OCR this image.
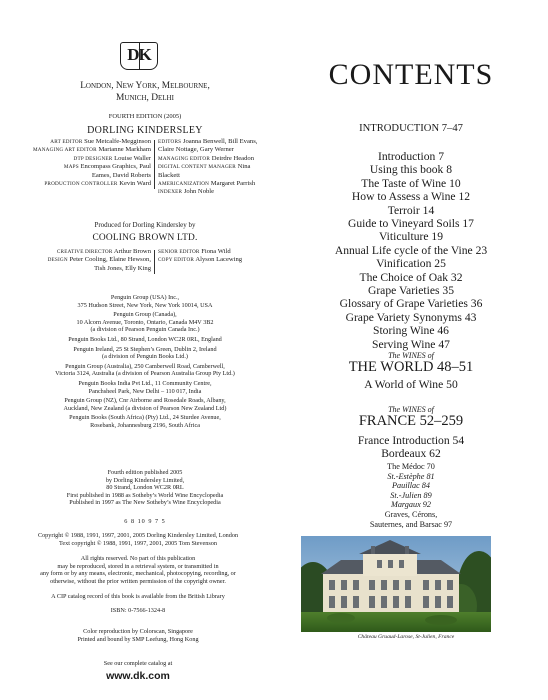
DK
London, New York, Melbourne,
Munich, Delhi
FOURTH EDITION (2005)
DORLING KINDERSLEY
ART EDITOR Sue Metcalfe-Megginson
MANAGING ART EDITOR Marianne Markham
DTP DESIGNER Louise Waller
MAPS Encompass Graphics, Paul
Eames, David Roberts
PRODUCTION CONTROLLER Kevin Ward
EDITORS Joanna Benwell, Bill Evans,
Claire Nottage, Gary Werner
MANAGING EDITOR Deirdre Headon
DIGITAL CONTENT MANAGER Nina Blackett
AMERICANIZATION Margaret Parrish
INDEXER John Noble
Produced for Dorling Kindersley by
COOLING BROWN LTD.
CREATIVE DIRECTOR Arthur Brown
DESIGN Peter Cooling, Elaine Hewson,
Tish Jones, Elly King
SENIOR EDITOR Fiona Wild
COPY EDITOR Alyson Lacewing
Penguin Group (USA) Inc.,
375 Hudson Street, New York, New York 10014, USA
Penguin Group (Canada),
10 Alcorn Avenue, Toronto, Ontario, Canada M4V 3B2
(a division of Pearson Penguin Canada Inc.)
Penguin Books Ltd., 80 Strand, London WC2R 0RL, England
Penguin Ireland, 25 St Stephen’s Green, Dublin 2, Ireland
(a division of Penguin Books Ltd.)
Penguin Group (Australia), 250 Camberwell Road, Camberwell,
Victoria 3124, Australia (a division of Pearson Australia Group Pty Ltd.)
Penguin Books India Pvt Ltd., 11 Community Centre,
Panchsheel Park, New Delhi – 110 017, India
Penguin Group (NZ), Cnr Airborne and Rosedale Roads, Albany,
Auckland, New Zealand (a division of Pearson New Zealand Ltd)
Penguin Books (South Africa) (Pty) Ltd., 24 Sturdee Avenue,
Rosebank, Johannesburg 2196, South Africa
Fourth edition published 2005
by Dorling Kindersley Limited,
80 Strand, London WC2R 0RL
First published in 1988 as Sotheby’s World Wine Encyclopedia
Published in 1997 as The New Sotheby’s Wine Encyclopedia
6 8 10 9 7 5
Copyright © 1988, 1991, 1997, 2001, 2005 Dorling Kindersley Limited, London
Text copyright © 1988, 1991, 1997, 2001, 2005 Tom Stevenson
All rights reserved. No part of this publication
may be reproduced, stored in a retrieval system, or transmitted in
any form or by any means, electronic, mechanical, photocopying, recording, or
otherwise, without the prior written permission of the copyright owner.
A CIP catalog record of this book is available from the British Library
ISBN: 0-7566-1324-8
Color reproduction by Colorscan, Singapore
Printed and bound by SMP Leefung, Hong Kong
See our complete catalog at
www.dk.com
CONTENTS
INTRODUCTION 7–47
Introduction 7
Using this book 8
The Taste of Wine 10
How to Assess a Wine 12
Terroir 14
Guide to Vineyard Soils 17
Viticulture 19
Annual Life cycle of the Vine 23
Vinification 25
The Choice of Oak 32
Grape Varieties 35
Glossary of Grape Varieties 36
Grape Variety Synonyms 43
Storing Wine 46
Serving Wine 47
The WINES of
THE WORLD 48–51
A World of Wine 50
The WINES of
FRANCE 52–259
France Introduction 54
Bordeaux 62
The Médoc 70
St.-Estèphe 81
Pauillac 84
St.-Julien 89
Margaux 92
Graves, Cérons,
Sauternes, and Barsac 97
Château Gruaud-Larose, St-Julien, France
